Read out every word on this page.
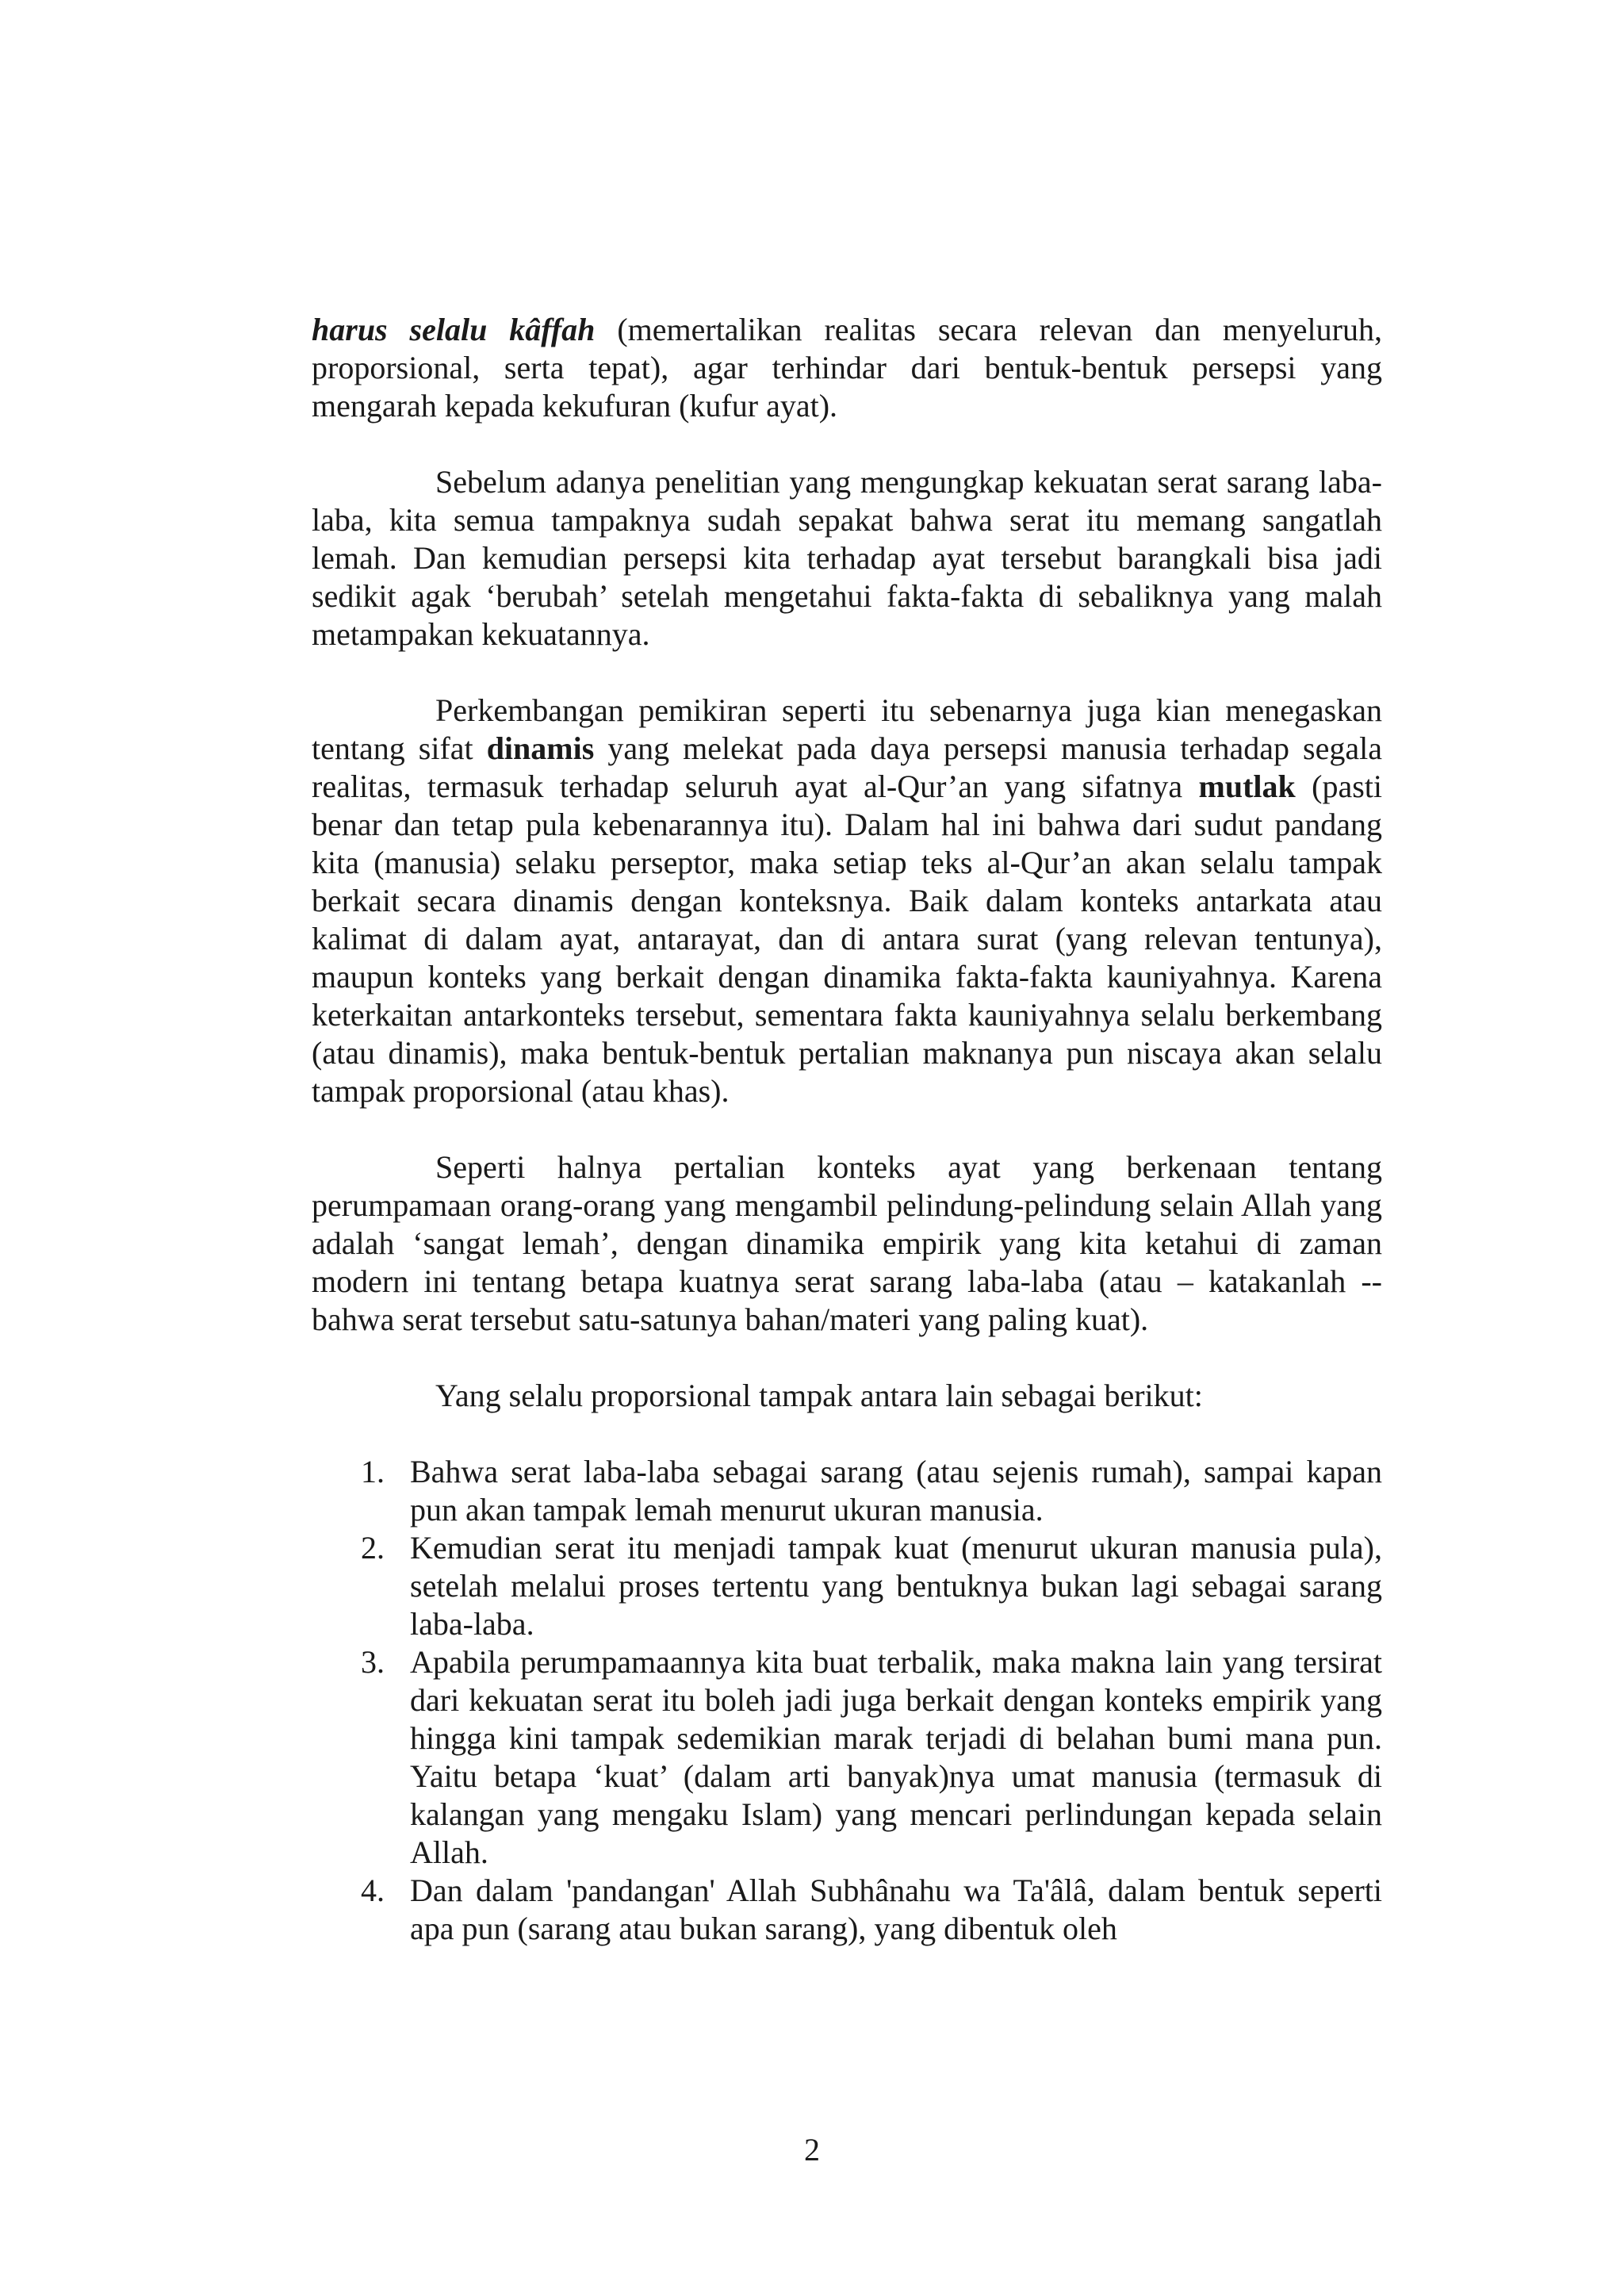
harus selalu kâffah (memertalikan realitas secara relevan dan menyeluruh, proporsional, serta tepat), agar terhindar dari bentuk-bentuk persepsi yang mengarah kepada kekufuran (kufur ayat).

Sebelum adanya penelitian yang mengungkap kekuatan serat sarang laba-laba, kita semua tampaknya sudah sepakat bahwa serat itu memang sangatlah lemah. Dan kemudian persepsi kita terhadap ayat tersebut barangkali bisa jadi sedikit agak ‘berubah’ setelah mengetahui fakta-fakta di sebaliknya yang malah metampakan kekuatannya.

Perkembangan pemikiran seperti itu sebenarnya juga kian menegaskan tentang sifat dinamis yang melekat pada daya persepsi manusia terhadap segala realitas, termasuk terhadap seluruh ayat al-Qur’an yang sifatnya mutlak (pasti benar dan tetap pula kebenarannya itu). Dalam hal ini bahwa dari sudut pandang kita (manusia) selaku perseptor, maka setiap teks al-Qur’an akan selalu tampak berkait secara dinamis dengan konteksnya. Baik dalam konteks antarkata atau kalimat di dalam ayat, antarayat, dan di antara surat (yang relevan tentunya), maupun konteks yang berkait dengan dinamika fakta-fakta kauniyahnya. Karena keterkaitan antarkonteks tersebut, sementara fakta kauniyahnya selalu berkembang (atau dinamis), maka bentuk-bentuk pertalian maknanya pun niscaya akan selalu tampak proporsional (atau khas).

Seperti halnya pertalian konteks ayat yang berkenaan tentang perumpamaan orang-orang yang mengambil pelindung-pelindung selain Allah yang adalah ‘sangat lemah’, dengan dinamika empirik yang kita ketahui di zaman modern ini tentang betapa kuatnya serat sarang laba-laba (atau – katakanlah -- bahwa serat tersebut satu-satunya bahan/materi yang paling kuat).

Yang selalu proporsional tampak antara lain sebagai berikut:

1. Bahwa serat laba-laba sebagai sarang (atau sejenis rumah), sampai kapan pun akan tampak lemah menurut ukuran manusia.
2. Kemudian serat itu menjadi tampak kuat (menurut ukuran manusia pula), setelah melalui proses tertentu yang bentuknya bukan lagi sebagai sarang laba-laba.
3. Apabila perumpamaannya kita buat terbalik, maka makna lain yang tersirat dari kekuatan serat itu boleh jadi juga berkait dengan konteks empirik yang hingga kini tampak sedemikian marak terjadi di belahan bumi mana pun. Yaitu betapa ‘kuat’ (dalam arti banyak)nya umat manusia (termasuk di kalangan yang mengaku Islam) yang mencari perlindungan kepada selain Allah.
4. Dan dalam 'pandangan' Allah Subhânahu wa Ta'âlâ, dalam bentuk seperti apa pun (sarang atau bukan sarang), yang dibentuk oleh
2
